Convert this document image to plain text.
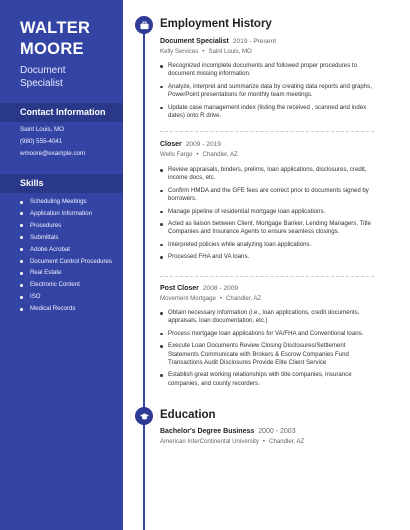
WALTER
MOORE
Document
Specialist
Contact Information
Saint Louis, MO
(980) 555-4041
wmoore@example.com
Skills
Scheduling Meetings
Application Information
Procedures
Submittals
Adobe Acrobat
Document Control Procedures
Real Estate
Electronic Content
ISO
Medical Records
Employment History
Document Specialist 2019 - Present
Kelly Services • Saint Louis, MO
Recognized incomplete documents and followed proper procedures to document missing information.
Analyze, interpret and summarize data by creating data reports and graphs, PowerPoint presentations for monthly team meetings.
Update case management index (listing the received , scanned and index dates) onto R drive.
Closer 2009 - 2019
Wells Fargo • Chandler, AZ
Review appraisals, binders, prelims, loan applications, disclosures, credit, income docs, etc.
Confirm HMDA and the GFE fees are correct prior to documents signed by borrowers.
Manage pipeline of residential mortgage loan applications.
Acted as liaison between Client, Mortgage Banker, Lending Managers, Title Companies and Insurance Agents to ensure seamless closings.
Interpreted policies while analyzing loan applications.
Processed FHA and VA loans.
Post Closer 2008 - 2009
Movement Mortgage • Chandler, AZ
Obtain necessary information (i.e., loan applications, credit documents, appraisals, loan documentation, etc.)
Process mortgage loan applications for VA/FHA and Conventional loans.
Execute Loan Documents Review Closing Disclosures/Settlement Statements Communicate with Brokers & Escrow Companies Fund Transactions Audit Disclosures Provide Elite Client Service
Establish great working relationships with title companies, insurance companies, and county recorders.
Education
Bachelor's Degree Business 2000 - 2003
American InterContinental University • Chandler, AZ
